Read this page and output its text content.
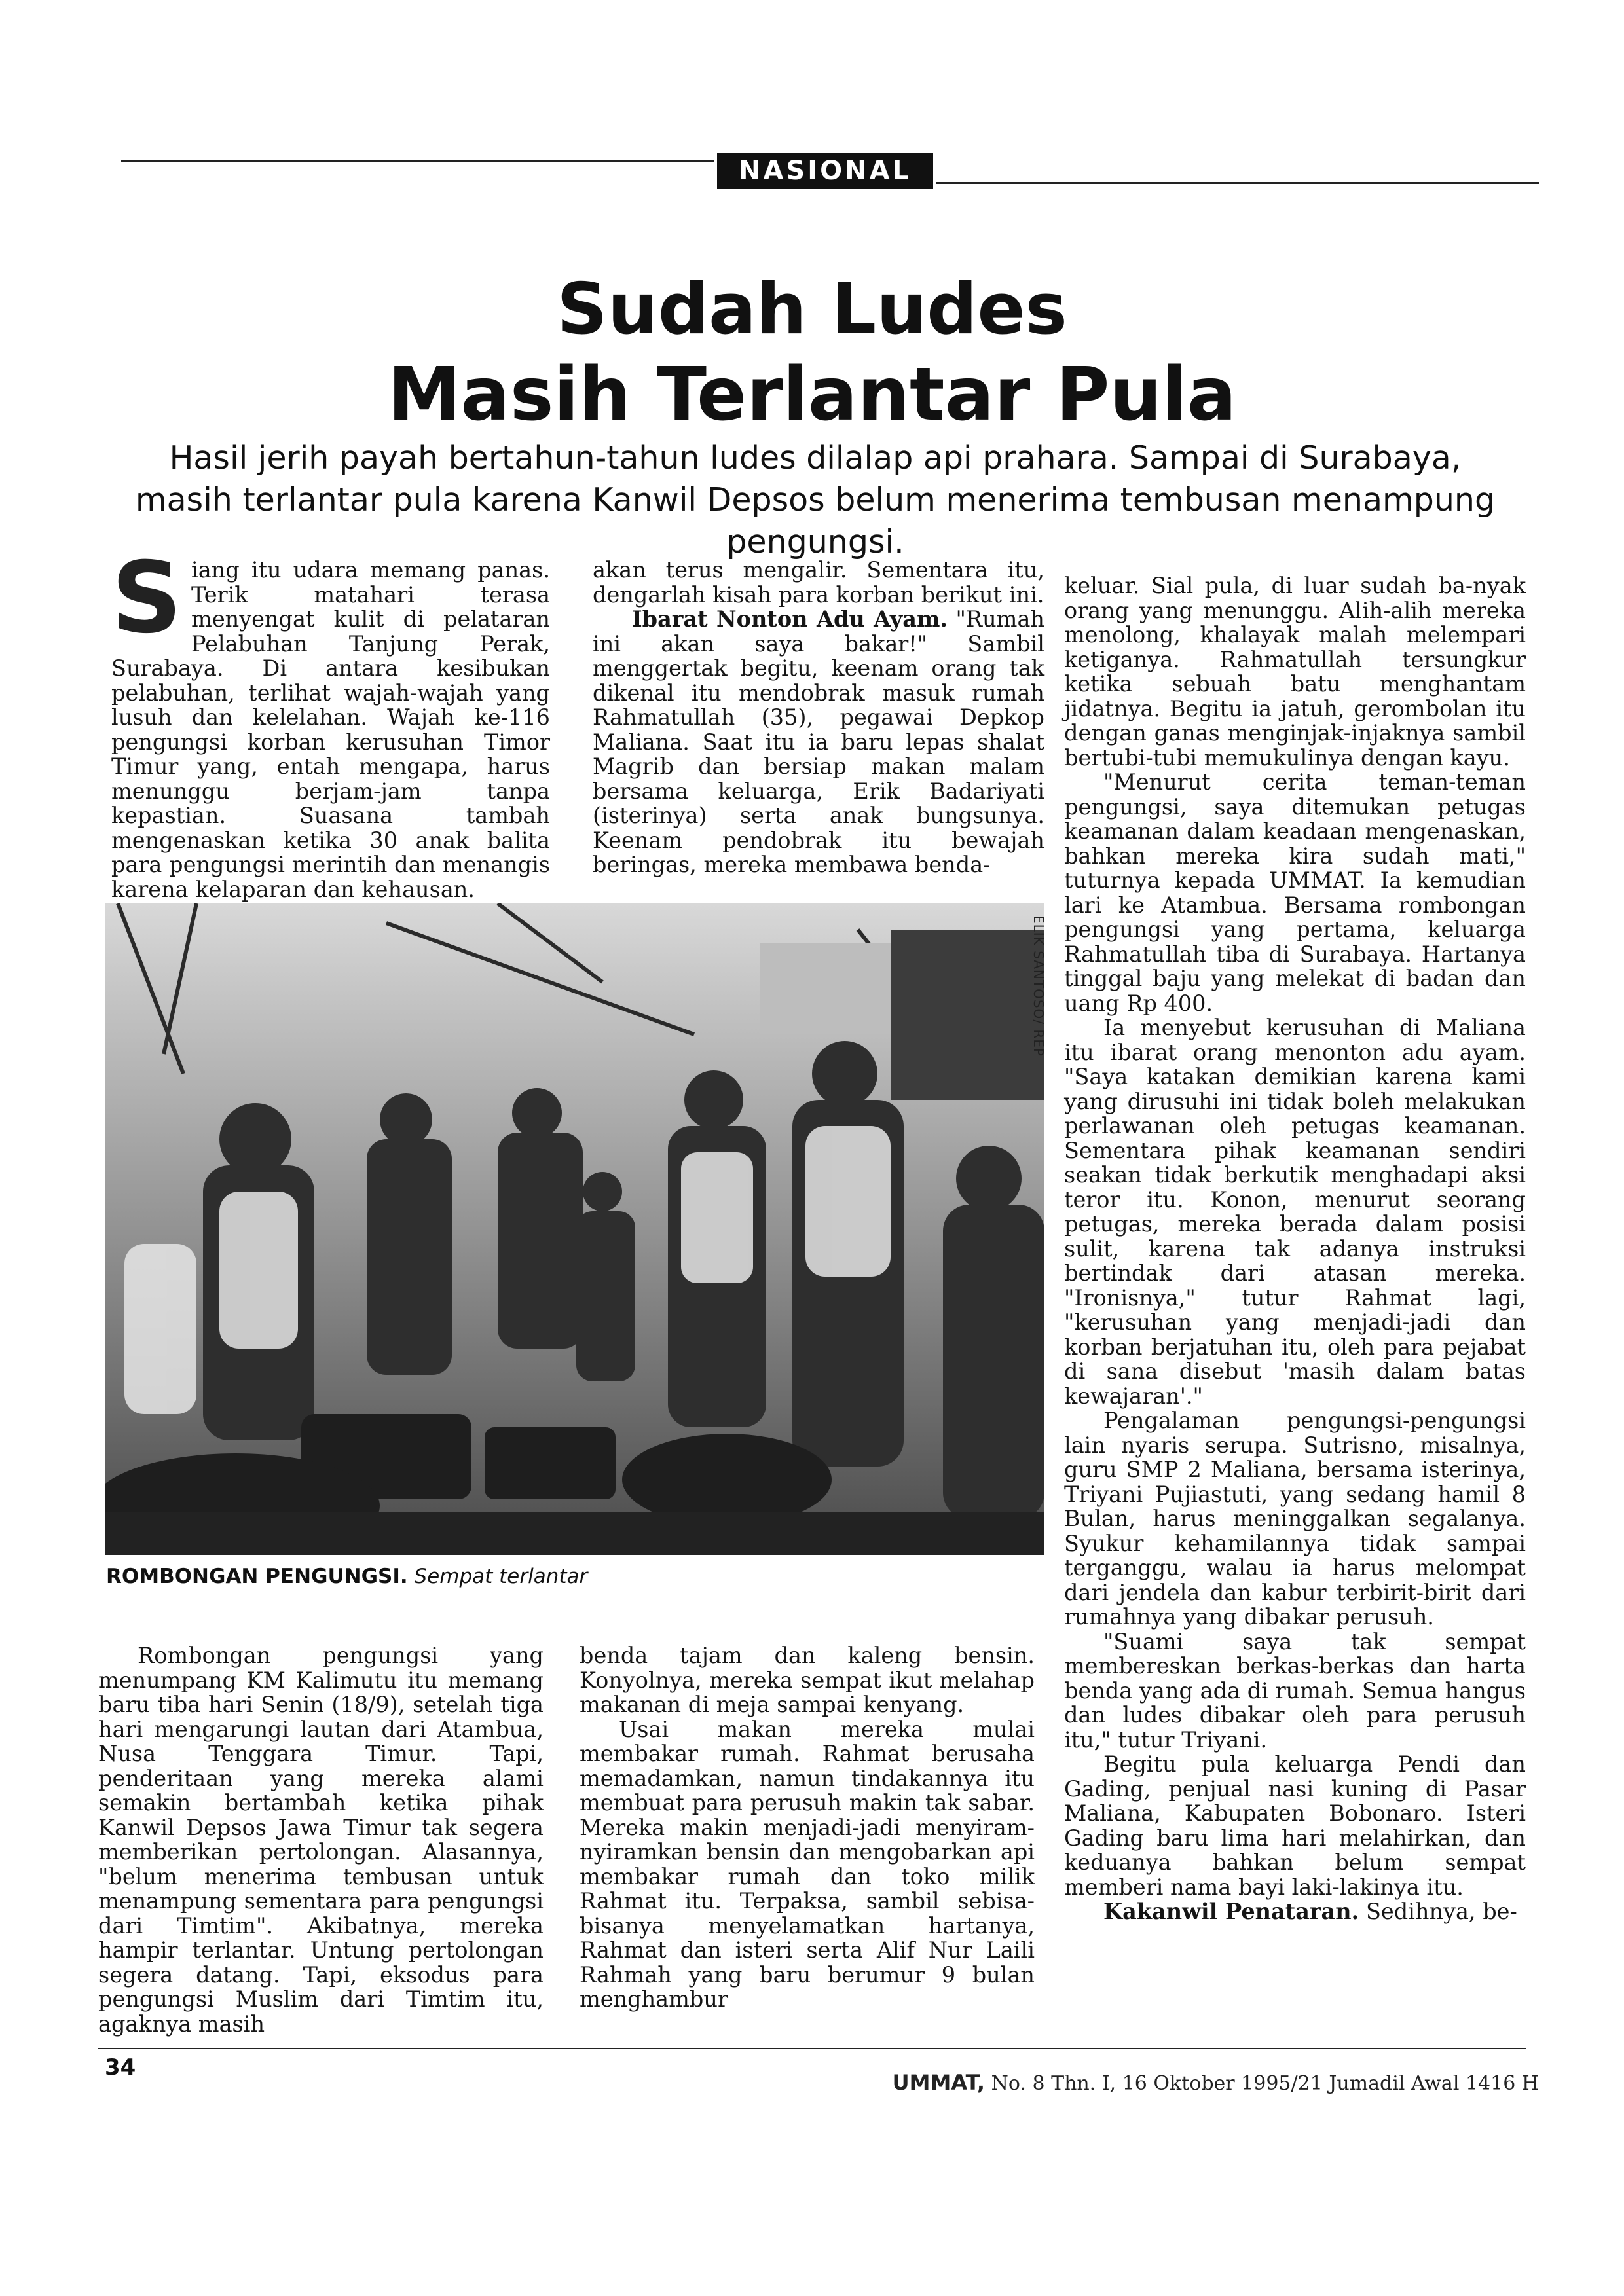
NASIONAL
Sudah Ludes
Masih Terlantar Pula
Hasil jerih payah bertahun-tahun ludes dilalap api prahara. Sampai di Surabaya, masih terlantar pula karena Kanwil Depsos belum menerima tembusan menampung pengungsi.

Siang itu udara memang panas. Terik matahari terasa menyengat kulit di pelataran Pelabuhan Tanjung Perak, Surabaya. Di antara kesibukan pelabuhan, terlihat wajah-wajah yang lusuh dan kelelahan. Wajah ke-116 pengungsi korban kerusuhan Timor Timur yang, entah mengapa, harus menunggu berjam-jam tanpa kepastian. Suasana tambah mengenaskan ketika 30 anak balita para pengungsi merintih dan menangis karena kelaparan dan kehausan.

akan terus mengalir. Sementara itu, dengarlah kisah para korban berikut ini.

Ibarat Nonton Adu Ayam. "Rumah ini akan saya bakar!" Sambil menggertak begitu, keenam orang tak dikenal itu mendobrak masuk rumah Rahmatullah (35), pegawai Depkop Maliana. Saat itu ia baru lepas shalat Magrib dan bersiap makan malam bersama keluarga, Erik Badariyati (isterinya) serta anak bungsunya. Keenam pendobrak itu bewajah beringas, mereka membawa benda-

keluar. Sial pula, di luar sudah ba-nyak orang yang menunggu. Alih-alih mereka menolong, khalayak malah melempari ketiganya. Rahmatullah tersungkur ketika sebuah batu menghantam jidatnya. Begitu ia jatuh, gerombolan itu dengan ganas menginjak-injaknya sambil bertubi-tubi memukulinya dengan kayu.

"Menurut cerita teman-teman pengungsi, saya ditemukan petugas keamanan dalam keadaan mengenaskan, bahkan mereka kira sudah mati," tuturnya kepada UMMAT. Ia kemudian lari ke Atambua. Bersama rombongan pengungsi yang pertama, keluarga Rahmatullah tiba di Surabaya. Hartanya tinggal baju yang melekat di badan dan uang Rp 400.

Ia menyebut kerusuhan di Maliana itu ibarat orang menonton adu ayam. "Saya katakan demikian karena kami yang dirusuhi ini tidak boleh melakukan perlawanan oleh petugas keamanan. Sementara pihak keamanan sendiri seakan tidak berkutik menghadapi aksi teror itu. Konon, menurut seorang petugas, mereka berada dalam posisi sulit, karena tak adanya instruksi bertindak dari atasan mereka. "Ironisnya," tutur Rahmat lagi, "kerusuhan yang menjadi-jadi dan korban berjatuhan itu, oleh para pejabat di sana disebut 'masih dalam batas kewajaran'."

Pengalaman pengungsi-pengungsi lain nyaris serupa. Sutrisno, misalnya, guru SMP 2 Maliana, bersama isterinya, Triyani Pujiastuti, yang sedang hamil 8 Bulan, harus meninggalkan segalanya. Syukur kehamilannya tidak sampai terganggu, walau ia harus melompat dari jendela dan kabur terbirit-birit dari rumahnya yang dibakar perusuh.

"Suami saya tak sempat membereskan berkas-berkas dan harta benda yang ada di rumah. Semua hangus dan ludes dibakar oleh para perusuh itu," tutur Triyani.

Begitu pula keluarga Pendi dan Gading, penjual nasi kuning di Pasar Maliana, Kabupaten Bobonaro. Isteri Gading baru lima hari melahirkan, dan keduanya bahkan belum sempat memberi nama bayi laki-lakinya itu.

Kakanwil Penataran. Sedihnya, be-

ELIK SANTOSO/ REP
ROMBONGAN PENGUNGSI. Sempat terlantar

Rombongan pengungsi yang menumpang KM Kalimutu itu memang baru tiba hari Senin (18/9), setelah tiga hari mengarungi lautan dari Atambua, Nusa Tenggara Timur. Tapi, penderitaan yang mereka alami semakin bertambah ketika pihak Kanwil Depsos Jawa Timur tak segera memberikan pertolongan. Alasannya, "belum menerima tembusan untuk menampung sementara para pengungsi dari Timtim". Akibatnya, mereka hampir terlantar. Untung pertolongan segera datang. Tapi, eksodus para pengungsi Muslim dari Timtim itu, agaknya masih

benda tajam dan kaleng bensin. Konyolnya, mereka sempat ikut melahap makanan di meja sampai kenyang.

Usai makan mereka mulai membakar rumah. Rahmat berusaha memadamkan, namun tindakannya itu membuat para perusuh makin tak sabar. Mereka makin menjadi-jadi menyiram-nyiramkan bensin dan mengobarkan api membakar rumah dan toko milik Rahmat itu. Terpaksa, sambil sebisa-bisanya menyelamatkan hartanya, Rahmat dan isteri serta Alif Nur Laili Rahmah yang baru berumur 9 bulan menghambur

34
UMMAT, No. 8 Thn. I, 16 Oktober 1995/21 Jumadil Awal 1416 H
